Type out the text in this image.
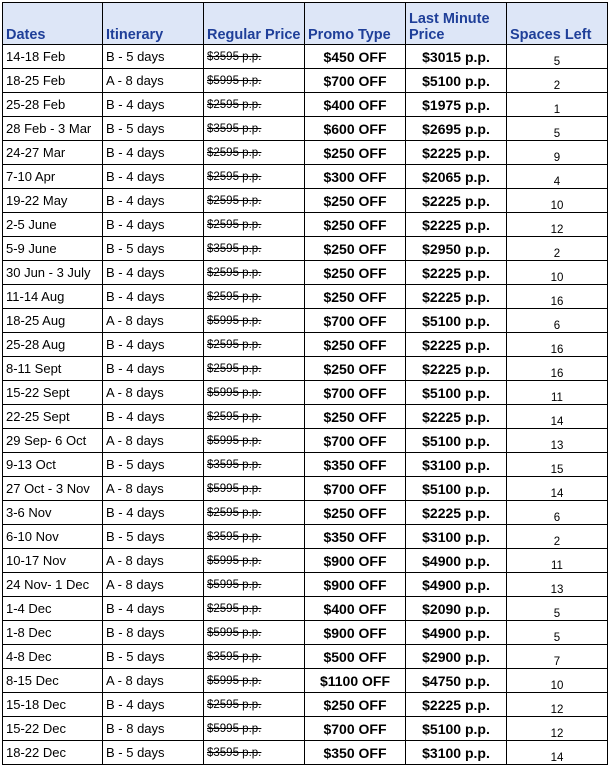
Dates	Itinerary	Regular Price	Promo Type	Last Minute Price	Spaces Left
14-18 Feb	B - 5 days	$3595 p.p.	$450 OFF	$3015 p.p.	5
18-25 Feb	A - 8 days	$5995 p.p.	$700 OFF	$5100 p.p.	2
25-28 Feb	B - 4 days	$2595 p.p.	$400 OFF	$1975 p.p.	1
28 Feb - 3 Mar	B - 5 days	$3595 p.p.	$600 OFF	$2695 p.p.	5
24-27 Mar	B - 4 days	$2595 p.p.	$250 OFF	$2225 p.p.	9
7-10 Apr	B - 4 days	$2595 p.p.	$300 OFF	$2065 p.p.	4
19-22 May	B - 4 days	$2595 p.p.	$250 OFF	$2225 p.p.	10
2-5 June	B - 4 days	$2595 p.p.	$250 OFF	$2225 p.p.	12
5-9 June	B - 5 days	$3595 p.p.	$250 OFF	$2950 p.p.	2
30 Jun - 3 July	B - 4 days	$2595 p.p.	$250 OFF	$2225 p.p.	10
11-14 Aug	B - 4 days	$2595 p.p.	$250 OFF	$2225 p.p.	16
18-25 Aug	A - 8 days	$5995 p.p.	$700 OFF	$5100 p.p.	6
25-28 Aug	B - 4 days	$2595 p.p.	$250 OFF	$2225 p.p.	16
8-11 Sept	B - 4 days	$2595 p.p.	$250 OFF	$2225 p.p.	16
15-22 Sept	A - 8 days	$5995 p.p.	$700 OFF	$5100 p.p.	11
22-25 Sept	B - 4 days	$2595 p.p.	$250 OFF	$2225 p.p.	14
29 Sep- 6 Oct	A - 8 days	$5995 p.p.	$700 OFF	$5100 p.p.	13
9-13 Oct	B - 5 days	$3595 p.p.	$350 OFF	$3100 p.p.	15
27 Oct - 3 Nov	A - 8 days	$5995 p.p.	$700 OFF	$5100 p.p.	14
3-6 Nov	B - 4 days	$2595 p.p.	$250 OFF	$2225 p.p.	6
6-10 Nov	B - 5 days	$3595 p.p.	$350 OFF	$3100 p.p.	2
10-17 Nov	A - 8 days	$5995 p.p.	$900 OFF	$4900 p.p.	11
24 Nov- 1 Dec	A - 8 days	$5995 p.p.	$900 OFF	$4900 p.p.	13
1-4 Dec	B - 4 days	$2595 p.p.	$400 OFF	$2090 p.p.	5
1-8 Dec	B - 8 days	$5995 p.p.	$900 OFF	$4900 p.p.	5
4-8 Dec	B - 5 days	$3595 p.p.	$500 OFF	$2900 p.p.	7
8-15 Dec	A - 8 days	$5995 p.p.	$1100 OFF	$4750 p.p.	10
15-18 Dec	B - 4 days	$2595 p.p.	$250 OFF	$2225 p.p.	12
15-22 Dec	B - 8 days	$5995 p.p.	$700 OFF	$5100 p.p.	12
18-22 Dec	B - 5 days	$3595 p.p.	$350 OFF	$3100 p.p.	14
